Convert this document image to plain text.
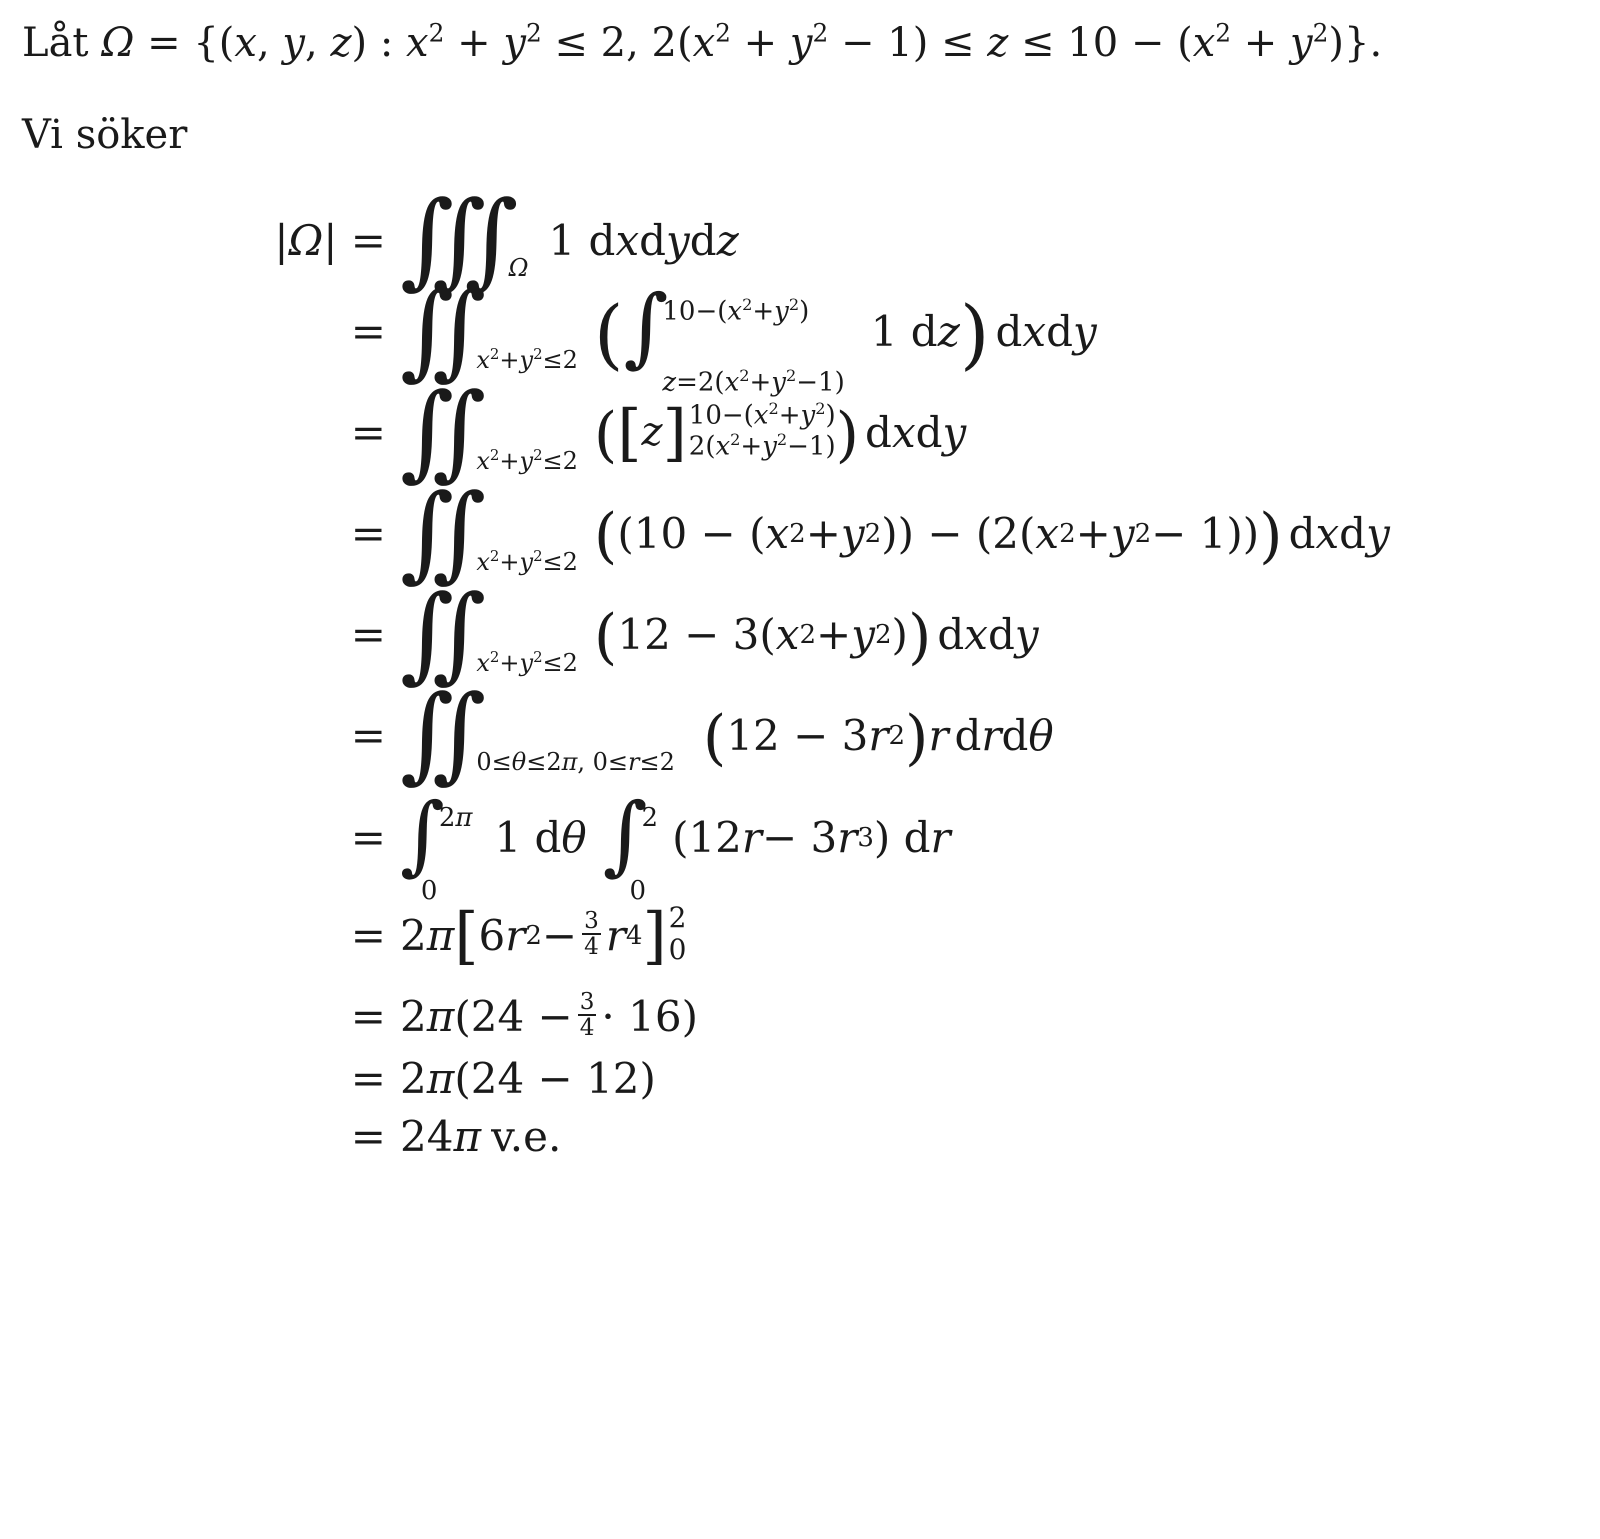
Låt Ω = {(x, y, z) : $x^2 + y^2 \le 2$, $2(x^2 + y^2 - 1) \le z \le 10 - (x^2 + y^2)$}.
Vi söker
|Ω| = ∫∫∫ Ω
1 d x d y d z
= ∫∫ $x^2+y^2\le 2$ ( ∫ $10-(x^2+y^2)$
$z=2(x^2+y^2-1)$
1 d z ) d x d y
= ∫∫ $x^2+y^2\le 2$ ( [ z ] $10-(x^2+y^2)$
$2(x^2+y^2-1)$ ) d x d y
= ∫∫ $x^2+y^2\le 2$ ( (10 − ( x 2 + y 2 )) − (2( x 2 + y 2 − 1)) ) d x d y
= ∫∫ $x^2+y^2\le 2$ ( 12 − 3( x 2 + y 2 ) ) d x d y
= ∫∫ 0≤θ≤2π, 0≤r≤2 ( 12 − 3 r 2 ) r d r d θ
= ∫ 2π
0
1 d θ ∫ 2
0
(12 r − 3 r 3 ) d r
= 2 π [ 6 r $2 - \frac{3}{4}$ r 4 ] 2
0
= 2 π $(24 - \frac{3}{4} \cdot 16)$
= 2 π (24 − 12)
= 24 π v.e.
